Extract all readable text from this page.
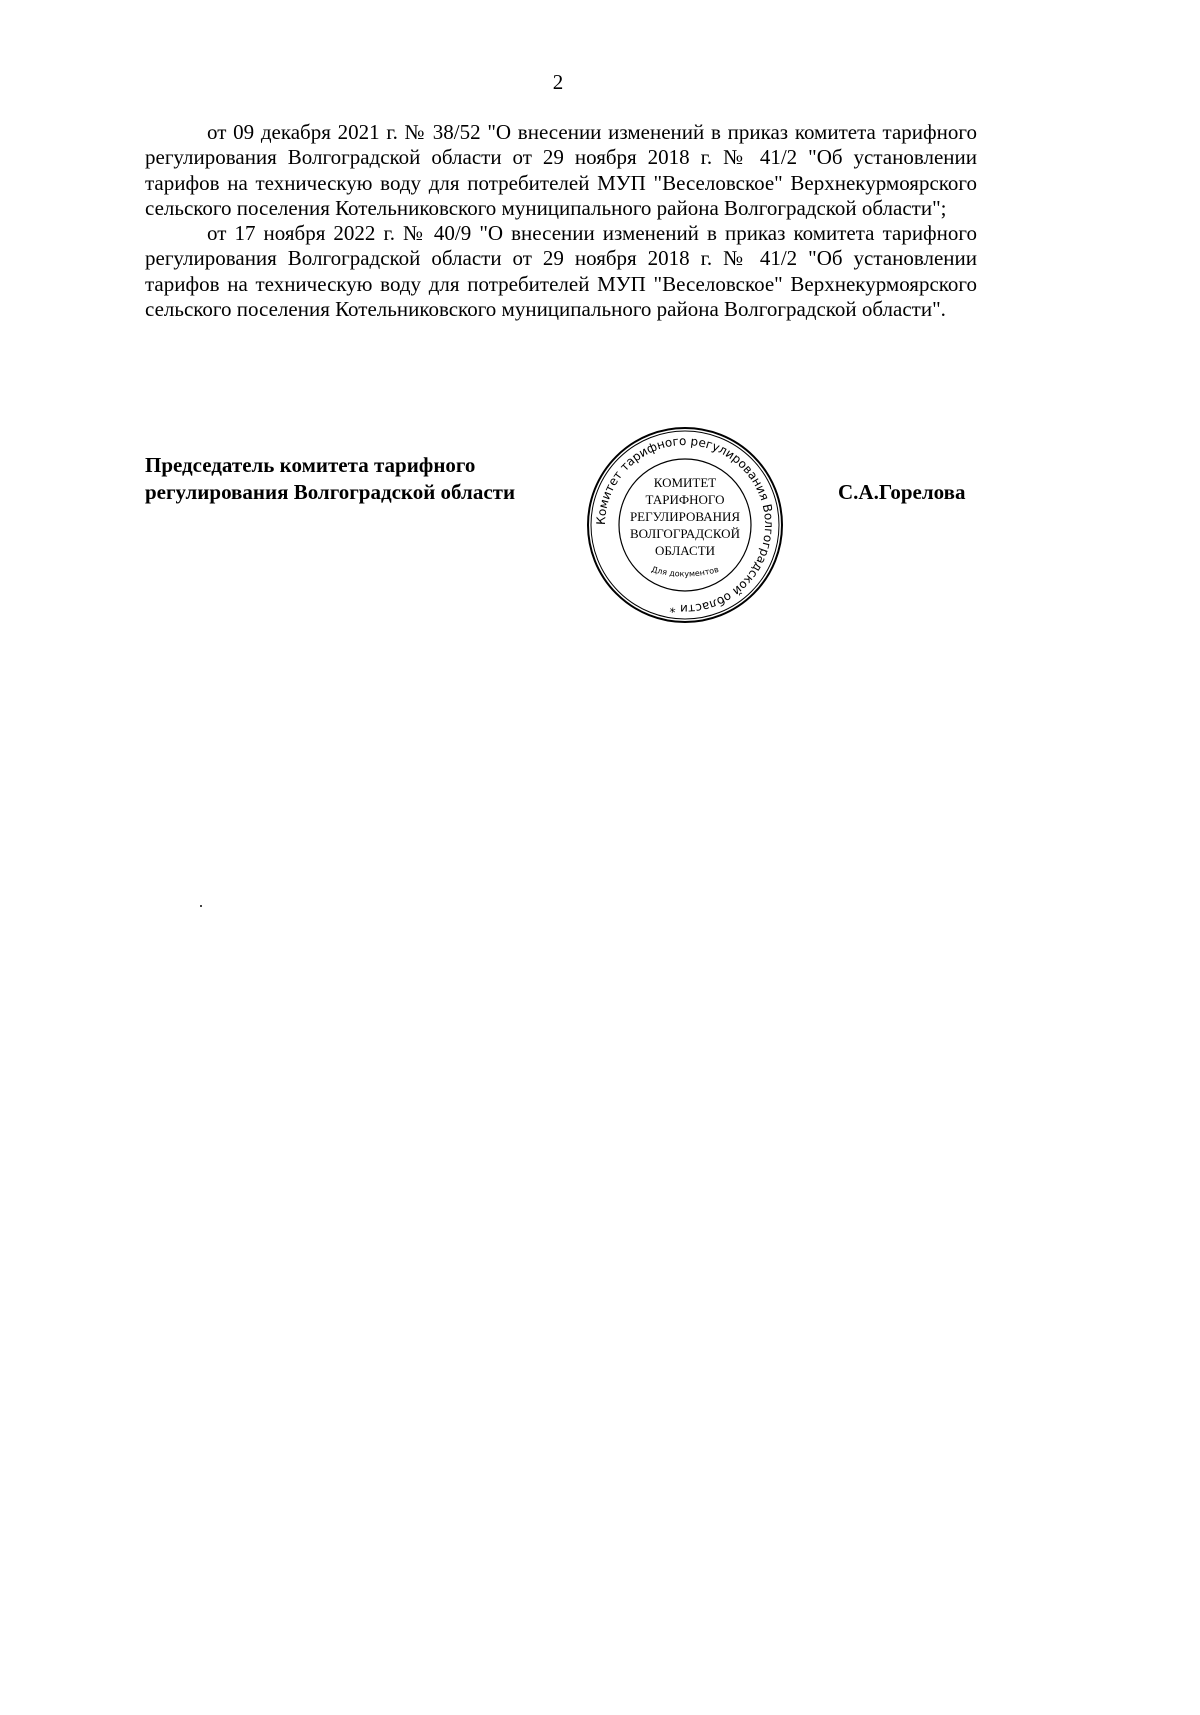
2

от 09 декабря 2021 г. № 38/52 "О внесении изменений в приказ комитета тарифного регулирования Волгоградской области от 29 ноября 2018 г. № 41/2 "Об установлении тарифов на техническую воду для потребителей МУП "Веселовское" Верхнекурмоярского сельского поселения Котельниковского муниципального района Волгоградской области";

от 17 ноября 2022 г. № 40/9 "О внесении изменений в приказ комитета тарифного регулирования Волгоградской области от 29 ноября 2018 г. № 41/2 "Об установлении тарифов на техническую воду для потребителей МУП "Веселовское" Верхнекурмоярского сельского поселения Котельниковского муниципального района Волгоградской области".

Председатель комитета тарифного
регулирования Волгоградской области	С.А.Горелова
Комитет тарифного регулирования Волгоградской области *
КОМИТЕТ
ТАРИФНОГО
РЕГУЛИРОВАНИЯ
ВОЛГОГРАДСКОЙ
ОБЛАСТИ
Для документов
